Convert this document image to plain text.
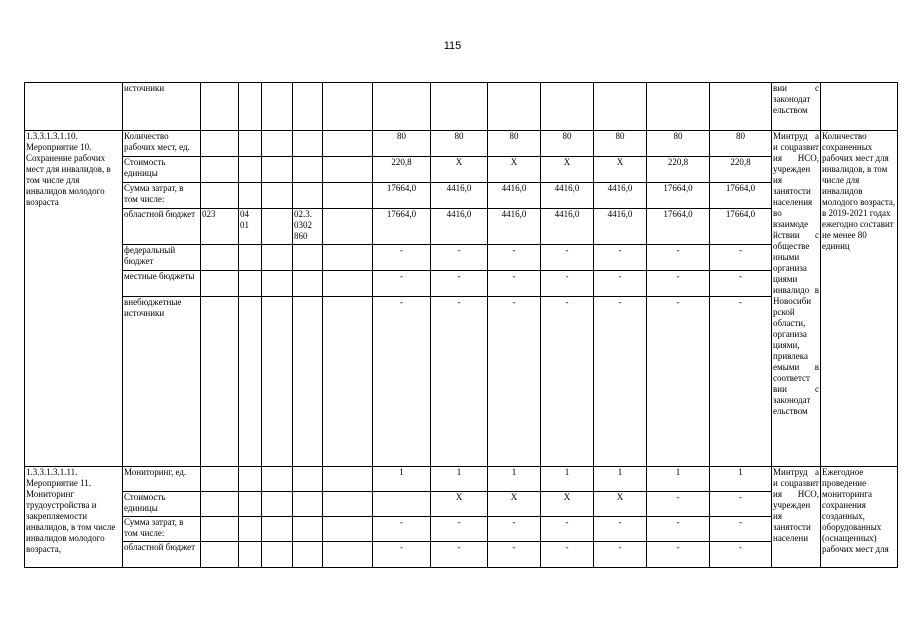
115
	источники													вии с законодат ельством	
1.3.3.1.3.1.10. Мероприятие 10. Сохранение рабочих мест для инвалидов, в том числе для инвалидов молодого возраста	Количество рабочих мест, ед.						80	80	80	80	80	80	80	Минтруд а и соцразвит ия НСО, учрежден ия занятости населения во взаимоде йствии с обществе нными организа циями инвалидо в Новосиби рской области, организа циями, привлека емыми в соответст вии с законодат ельством	Количество сохраненных рабочих мест для инвалидов, в том числе для инвалидов молодого возраста, в 2019-2021 годах ежегодно составит не менее 80 единиц
	Стоимость единицы						220,8	Х	Х	Х	Х	220,8	220,8		
	Сумма затрат, в том числе:						17664,0	4416,0	4416,0	4416,0	4416,0	17664,0	17664,0		
	областной бюджет	023	04 01		02.3. 0302 860		17664,0	4416,0	4416,0	4416,0	4416,0	17664,0	17664,0		
	федеральный бюджет						-	-	-	-	-	-	-		
	местные бюджеты						-	-	-	-	-	-	-		
	внебюджетные источники						-	-	-	-	-	-	-		
1.3.3.1.3.1.11. Мероприятие 11. Мониторинг трудоустройства и закрепляемости инвалидов, в том числе инвалидов молодого возраста,	Мониторинг, ед.						1	1	1	1	1	1	1	Минтруд а и соцразвит ия НСО, учрежден ия занятости населени	Ежегодное проведение мониторинга сохранения созданных, оборудованных (оснащенных) рабочих мест для
	Стоимость единицы							Х	Х	Х	Х	-	-		
	Сумма затрат, в том числе:						-	-	-	-	-	-	-		
	областной бюджет						-	-	-	-	-	-	-		
